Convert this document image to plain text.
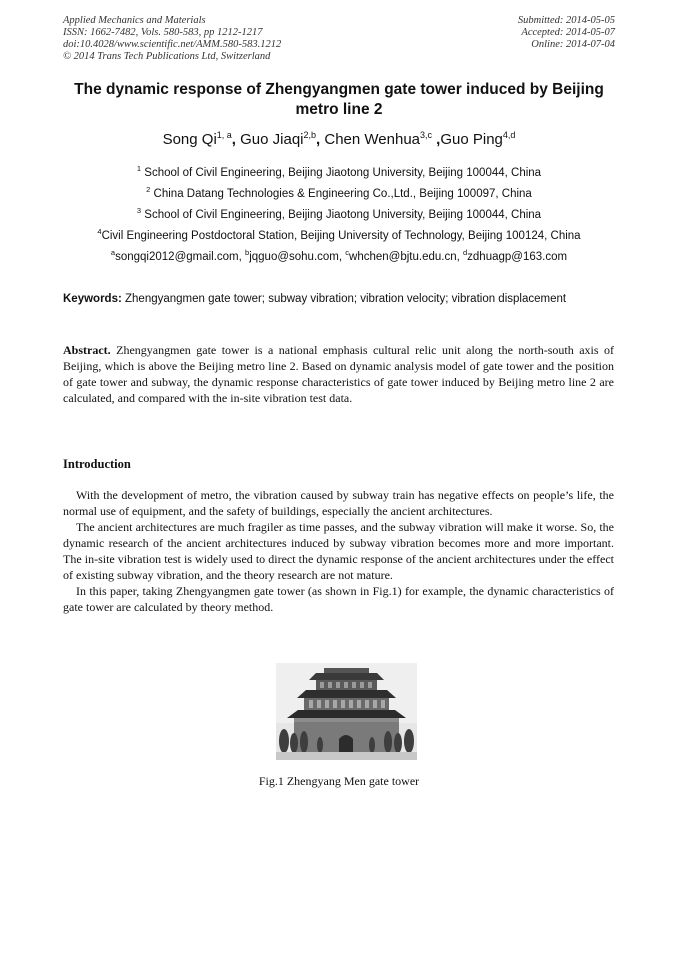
Applied Mechanics and Materials
ISSN: 1662-7482, Vols. 580-583, pp 1212-1217
doi:10.4028/www.scientific.net/AMM.580-583.1212
© 2014 Trans Tech Publications Ltd, Switzerland
Submitted: 2014-05-05
Accepted: 2014-05-07
Online: 2014-07-04
The dynamic response of Zhengyangmen gate tower induced by Beijing metro line 2
Song Qi$^{1, a}$, Guo Jiaqi$^{2,b}$, Chen Wenhua$^{3,c}$ ,Guo Ping$^{4,d}$
$^1$ School of Civil Engineering, Beijing Jiaotong University, Beijing 100044, China
$^2$ China Datang Technologies & Engineering Co.,Ltd., Beijing 100097, China
$^3$ School of Civil Engineering, Beijing Jiaotong University, Beijing 100044, China
$^4$Civil Engineering Postdoctoral Station, Beijing University of Technology, Beijing 100124, China
$^a$songqi2012@gmail.com, $^b$jqguo@sohu.com, $^c$whchen@bjtu.edu.cn, $^d$zdhuagp@163.com
Keywords: Zhengyangmen gate tower; subway vibration; vibration velocity; vibration displacement
Abstract. Zhengyangmen gate tower is a national emphasis cultural relic unit along the north-south axis of Beijing, which is above the Beijing metro line 2. Based on dynamic analysis model of gate tower and the position of gate tower and subway, the dynamic response characteristics of gate tower induced by Beijing metro line 2 are calculated, and compared with the in-site vibration test data.
Introduction

With the development of metro, the vibration caused by subway train has negative effects on people’s life, the normal use of equipment, and the safety of buildings, especially the ancient architectures.

The ancient architectures are much fragiler as time passes, and the subway vibration will make it worse. So, the dynamic research of the ancient architectures induced by subway vibration becomes more and more important. The in-site vibration test is widely used to direct the dynamic response of the ancient architectures under the effect of existing subway vibration, and the theory research are not mature.

In this paper, taking Zhengyangmen gate tower (as shown in Fig.1) for example, the dynamic characteristics of gate tower are calculated by theory method.

Fig.1 Zhengyang Men gate tower
